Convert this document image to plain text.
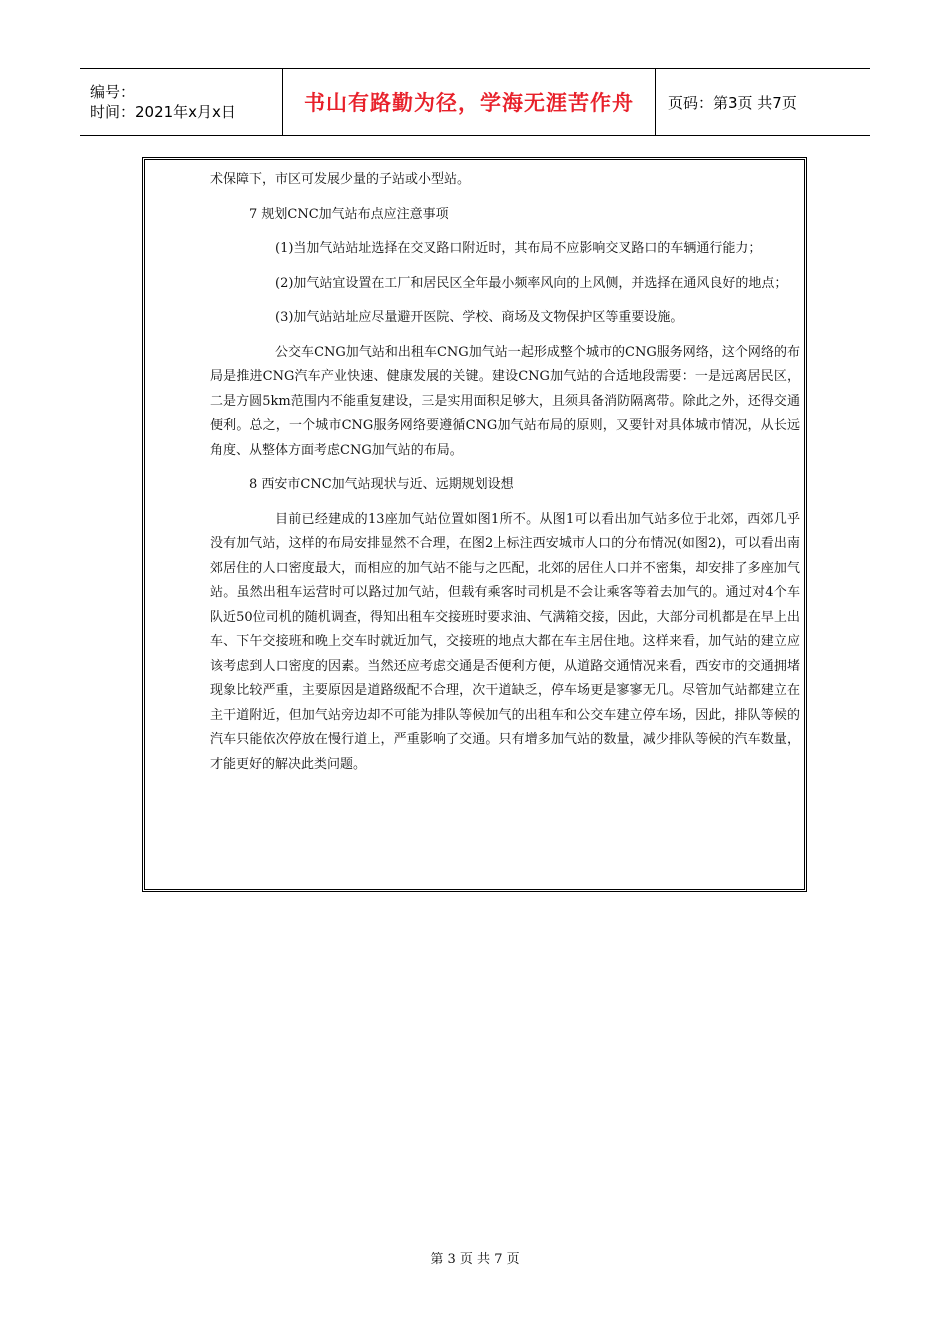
编号：
时间：2021年x月x日	书山有路勤为径，学海无涯苦作舟 页码：第3页 共7页

术保障下，市区可发展少量的子站或小型站。

7 规划CNC加气站布点应注意事项

(1)当加气站站址选择在交叉路口附近时，其布局不应影响交叉路口的车辆通行能力；

(2)加气站宜设置在工厂和居民区全年最小频率风向的上风侧，并选择在通风良好的地点；

(3)加气站站址应尽量避开医院、学校、商场及文物保护区等重要设施。

公交车CNG加气站和出租车CNG加气站一起形成整个城市的CNG服务网络，这个网络的布局是推进CNG汽车产业快速、健康发展的关键。建设CNG加气站的合适地段需要：一是远离居民区，二是方圆5km范围内不能重复建设，三是实用面积足够大，且须具备消防隔离带。除此之外，还得交通便利。总之，一个城市CNG服务网络要遵循CNG加气站布局的原则，又要针对具体城市情况，从长远角度、从整体方面考虑CNG加气站的布局。

8 西安市CNC加气站现状与近、远期规划设想

目前已经建成的13座加气站位置如图1所不。从图1可以看出加气站多位于北郊，西郊几乎没有加气站，这样的布局安排显然不合理，在图2上标注西安城市人口的分布情况(如图2)，可以看出南郊居住的人口密度最大，而相应的加气站不能与之匹配，北郊的居住人口并不密集，却安排了多座加气站。虽然出租车运营时可以路过加气站，但载有乘客时司机是不会让乘客等着去加气的。通过对4个车队近50位司机的随机调查，得知出租车交接班时要求油、气满箱交接，因此，大部分司机都是在早上出车、下午交接班和晚上交车时就近加气，交接班的地点大都在车主居住地。这样来看，加气站的建立应该考虑到人口密度的因素。当然还应考虑交通是否便利方便，从道路交通情况来看，西安市的交通拥堵现象比较严重，主要原因是道路级配不合理，次干道缺乏，停车场更是寥寥无几。尽管加气站都建立在主干道附近，但加气站旁边却不可能为排队等候加气的出租车和公交车建立停车场，因此，排队等候的汽车只能依次停放在慢行道上，严重影响了交通。只有增多加气站的数量，减少排队等候的汽车数量，才能更好的解决此类问题。

第 3 页 共 7 页
